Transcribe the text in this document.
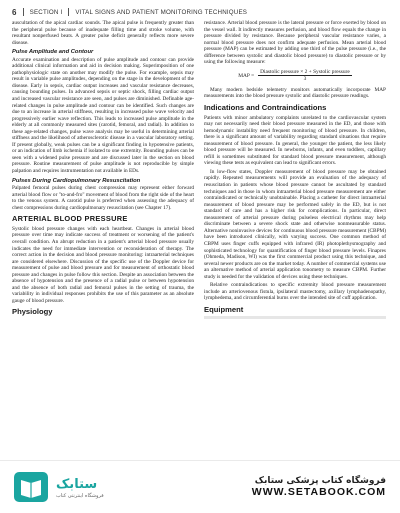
6 SECTION I VITAL SIGNS AND PATIENT MONITORING TECHNIQUES

auscultation of the apical cardiac sounds. The apical pulse is frequently greater than the peripheral pulse because of inadequate filling time and stroke volume, with resultant nonperfused beats. A greater pulse deficit generally reflects more severe disease.

Pulse Amplitude and Contour

Accurate examination and description of pulse amplitude and contour can provide additional clinical information and aid in decision making. Superimposition of one pathophysiologic state on another may modify the pulse. For example, sepsis may result in variable pulse amplitudes, depending on the stage in the development of the disease. Early in sepsis, cardiac output increases and vascular resistance decreases, causing bounding pulses. In advanced sepsis or septic shock, filling cardiac output and increased vascular resistance are seen, and pulses are diminished. Definable age-related changes in pulse amplitude and contour can be identified. Such changes are due to an increase in arterial stiffness, resulting in increased pulse wave velocity and progressively earlier wave reflection. This leads to increased pulse amplitude in the elderly at all commonly measured sites (carotid, femoral, and radial). In addition to these age-related changes, pulse wave analysis may be useful in determining arterial stiffness and the likelihood of atherosclerotic disease in a vascular laboratory setting. If present globally, weak pulses can be a significant finding in hypotensive patients, or an indication of limb ischemia if isolated to one extremity. Bounding pulses can be seen with a widened pulse pressure and are discussed later in the section on blood pressure. Routine measurement of pulse amplitude is not reproducible by simple palpation and requires instrumentation not available in EDs.

Pulses During Cardiopulmonary Resuscitation

Palpated femoral pulses during chest compression may represent either forward arterial blood flow or "to-and-fro" movement of blood from the right side of the heart to the venous system. A carotid pulse is preferred when assessing the adequacy of chest compressions during cardiopulmonary resuscitation (see Chapter 17).

ARTERIAL BLOOD PRESSURE

Systolic blood pressure changes with each heartbeat. Changes in arterial blood pressure over time may indicate success of treatment or worsening of the patient's overall condition. An abrupt reduction in a patient's arterial blood pressure usually indicates the need for immediate intervention or reconsideration of therapy. The correct action in the decision and blood pressure monitoring: intraarterial techniques are considered elsewhere. Discussion of the specific use of the Doppler device for measurement of pulse and blood pressure and for measurement of orthostatic blood pressure and changes in pulse follow this section. Despite an association between the absence of hypotension and the presence of a radial pulse or between hypotension and the absence of both radial and femoral pulses in the setting of trauma, the variability in individual responses prohibits the use of this parameter as an absolute gauge of blood pressure.

Physiology

resistance. Arterial blood pressure is the lateral pressure or force exerted by blood on the vessel wall. It indirectly measures perfusion, and blood flow equals the change in pressure divided by resistance. Because peripheral vascular resistance varies, a normal blood pressure does not confirm adequate perfusion. Mean arterial blood pressure (MAP) can be estimated by adding one third of the pulse pressure (i.e., the difference between systolic and diastolic blood pressure) to diastolic pressure or by using the following measure:

MAP = $\frac{\text{Diastolic pressure × 2 + Systolic pressure}}{3}$

Many modern bedside telemetry monitors automatically incorporate MAP measurements into the blood pressure systolic and diastolic pressure readings.

Indications and Contraindications

Patients with minor ambulatory complaints unrelated to the cardiovascular system may not necessarily need their blood pressure measured in the ED, and those with hemodynamic instability need frequent monitoring of blood pressure. In children, there is a significant amount of variability regarding standard situations that require measurement of blood pressure. In general, the younger the patient, the less likely blood pressure will be measured. In newborns, infants, and even toddlers, capillary refill is sometimes substituted for standard blood pressure measurement, although viewing these tests as equivalent can lead to significant errors.

In low-flow states, Doppler measurement of blood pressure may be obtained rapidly. Repeated measurements will provide an evaluation of the adequacy of resuscitation in patients whose blood pressure cannot be ascultated by standard techniques and in those in whom intraarterial blood pressure measurement are either contraindicated or technically unobtainable. Placing a catheter for direct intraarterial measurement of blood pressure may be performed safely in the ED, but is not standard of care and has a higher risk for complications. In particular, direct measurement of arterial pressure during pulseless electrical rhythms may help discriminate between a severe shock state and otherwise nonmeasurable status. Alternative noninvasive devices for continuous blood pressure measurement (CBPM) have been introduced clinically, with varying success. One common method of CBPM uses finger cuffs equipped with infrared (IR) photoplethysmography and sophisticated technology for quantification of finger blood pressure levels. Finapres (Ohmeda, Madison, WI) was the first commercial product using this technique, and several newer products are on the market today. A number of commercial systems use an alternative method of arterial application tonometry to measure CBPM. Further study is needed for the validation of devices using these techniques.

Relative contraindications to specific extremity blood pressure measurement include an arteriovenous fistula, ipsilateral mastectomy, axillary lymphadenopathy, lymphedema, and circumferential burns over the intended site of cuff application.

Equipment
ستابک
فروشگاه اینترنتی کتاب
فروشگاه کتاب پزشکی ستابک
WWW.SETABOOK.COM
